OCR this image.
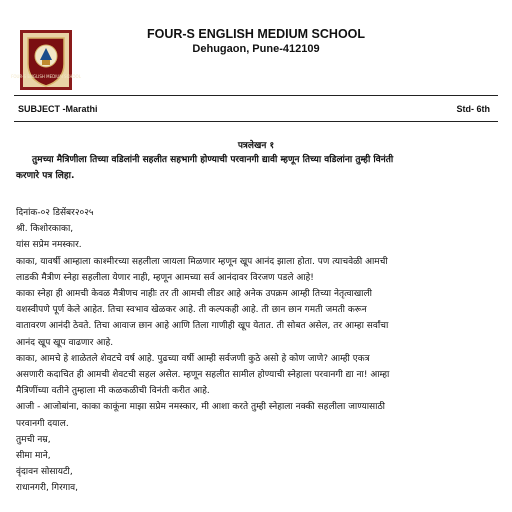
FOUR-S ENGLISH MEDIUM SCHOOL
FOUR-S ENGLISH MEDIUM SCHOOL
Dehugaon, Pune-412109
SUBJECT -Marathi	Std- 6th
पत्रलेखन १
तुमच्या मैत्रिणीला तिच्या वडिलांनी सहलीत सहभागी होण्याची परवानगी द्यावी म्हणून तिच्या वडिलांना तुम्ही विनंती
करणारे पत्र लिहा.
दिनांक-०२ डिसेंबर२०२५
श्री. किशोरकाका,
यांस सप्रेम नमस्कार.
काका, यावर्षी आम्हाला काश्मीरच्या सहलीला जायला मिळणार म्हणून खूप आनंद झाला होता. पण त्याचवेळी आमची
लाडकी मैत्रीण स्नेहा सहलीला येणार नाही, म्हणून आमच्या सर्व आनंदावर विरजण पडले आहे!
काका स्नेहा ही आमची केवळ मैत्रीणच नाहीः तर ती आमची लीडर आहे अनेक उपक्रम आम्ही तिच्या नेतृत्वाखाली
यशस्वीपणे पूर्ण केले आहेत. तिचा स्वभाव खेळकर आहे. ती कल्पकही आहे. ती छान छान गमती जमती करून
वातावरण आनंदी ठेवते. तिचा आवाज छान आहे आणि तिला गाणीही खूप येतात. ती सोबत असेल, तर आम्हा सर्वांचा
आनंद खूप खूप वाढणार आहे.
काका, आमचे हे शाळेतले शेवटचे वर्ष आहे. पुढच्या वर्षी आम्ही सर्वजणी कुठे असो हे कोण जाणे? आम्ही एकत्र
असणारी कदाचित ही आमची शेवटची सहल असेल. म्हणून सहलीत सामील होण्याची स्नेहाला परवानगी द्या ना! आम्हा
मैत्रिणींच्या वतीने तुम्हाला मी कळकळीची विनंती करीत आहे.
आजी - आजोबांना, काका काकूंना माझा सप्रेम नमस्कार, मी आशा करते तुम्ही स्नेहाला नक्की सहलीला जाण्यासाठी
परवानगी दयाल.
तुमची नम्र,
सीमा माने,
वृंदावन सोसायटी,
राधानगरी, गिरगाव,
